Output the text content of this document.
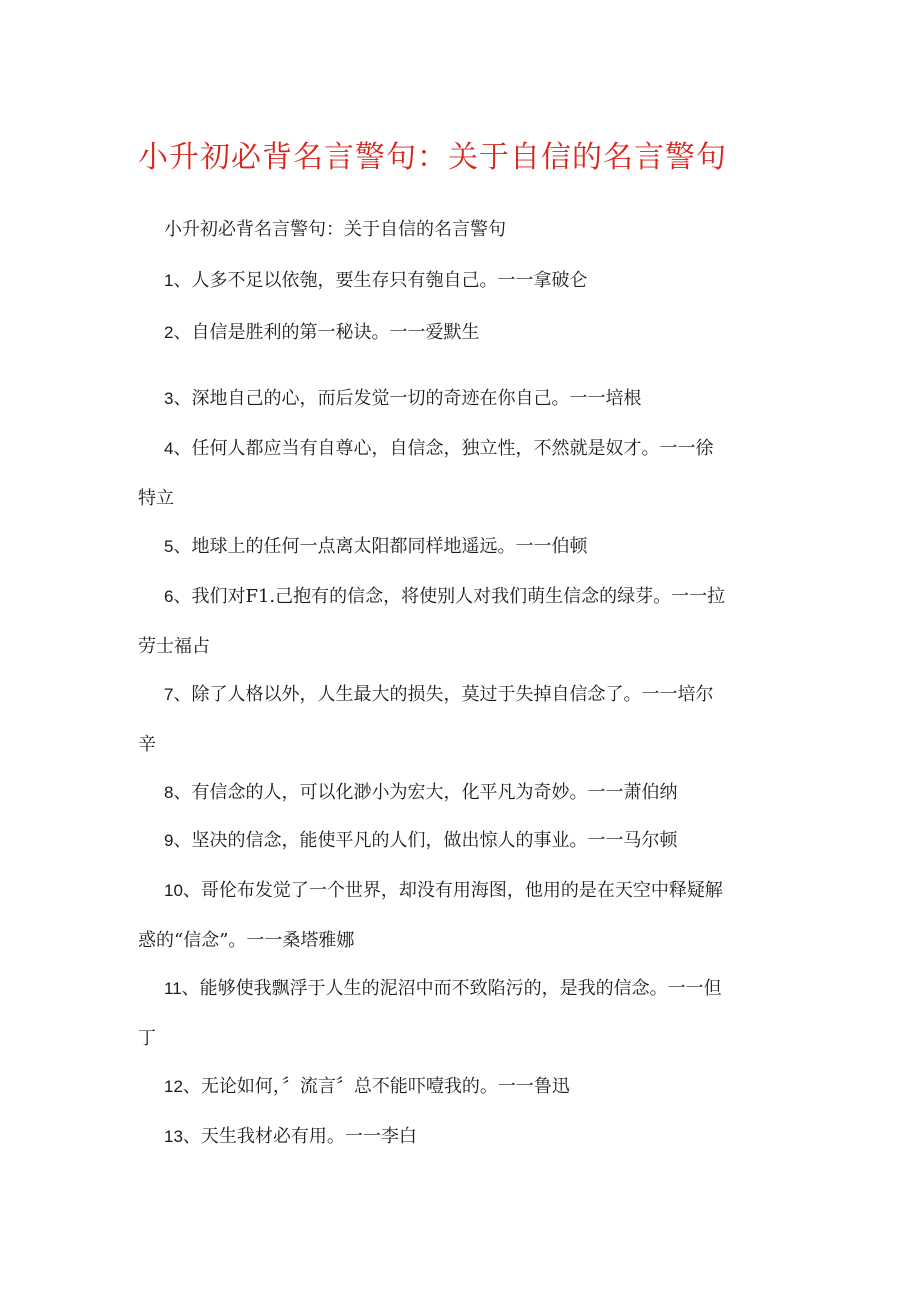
小升初必背名言警句：关于自信的名言警句
小升初必背名言警句：关于自信的名言警句
1、人多不足以依匏，要生存只有匏自己。一一拿破仑
2、自信是胜利的第一秘诀。一一爱默生
3、深地自己的心，而后发觉一切的奇迹在你自己。一一培根
4、任何人都应当有自尊心，自信念，独立性，不然就是奴才。一一徐
特立
5、地球上的任何一点离太阳都同样地遥远。一一伯顿
6、我们对F1.己抱有的信念，将使别人对我们萌生信念的绿芽。一一拉
劳士福占
7、除了人格以外，人生最大的损失，莫过于失掉自信念了。一一培尔
辛
8、有信念的人，可以化渺小为宏大，化平凡为奇妙。一一萧伯纳
9、坚决的信念，能使平凡的人们，做出惊人的事业。一一马尔顿
10、哥伦布发觉了一个世界，却没有用海图，他用的是在天空中释疑解
惑的“信念”。一一桑塔雅娜
11、能够使我飘浮于人生的泥沼中而不致陷污的，是我的信念。一一但
丁
12、无论如何，〞流言〞总不能吓噎我的。一一鲁迅
13、天生我材必有用。一一李白
